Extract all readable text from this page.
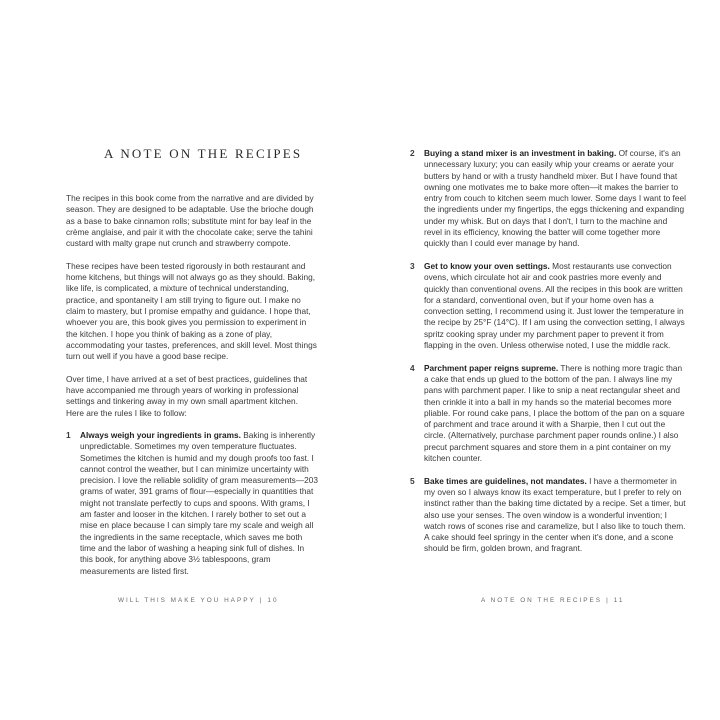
A NOTE ON THE RECIPES

The recipes in this book come from the narrative and are divided by season. They are designed to be adaptable. Use the brioche dough as a base to bake cinnamon rolls; substitute mint for bay leaf in the crème anglaise, and pair it with the chocolate cake; serve the tahini custard with malty grape nut crunch and strawberry compote.

These recipes have been tested rigorously in both restaurant and home kitchens, but things will not always go as they should. Baking, like life, is complicated, a mixture of technical understanding, practice, and spontaneity I am still trying to figure out. I make no claim to mastery, but I promise empathy and guidance. I hope that, whoever you are, this book gives you permission to experiment in the kitchen. I hope you think of baking as a zone of play, accommodating your tastes, preferences, and skill level. Most things turn out well if you have a good base recipe.

Over time, I have arrived at a set of best practices, guidelines that have accompanied me through years of working in professional settings and tinkering away in my own small apartment kitchen. Here are the rules I like to follow:

1 Always weigh your ingredients in grams. Baking is inherently unpredictable. Sometimes my oven temperature fluctuates. Sometimes the kitchen is humid and my dough proofs too fast. I cannot control the weather, but I can minimize uncertainty with precision. I love the reliable solidity of gram measurements—203 grams of water, 391 grams of flour—especially in quantities that might not translate perfectly to cups and spoons. With grams, I am faster and looser in the kitchen. I rarely bother to set out a mise en place because I can simply tare my scale and weigh all the ingredients in the same receptacle, which saves me both time and the labor of washing a heaping sink full of dishes. In this book, for anything above 3½ tablespoons, gram measurements are listed first.
WILL THIS MAKE YOU HAPPY | 10
2 Buying a stand mixer is an investment in baking. Of course, it's an unnecessary luxury; you can easily whip your creams or aerate your butters by hand or with a trusty handheld mixer. But I have found that owning one motivates me to bake more often—it makes the barrier to entry from couch to kitchen seem much lower. Some days I want to feel the ingredients under my fingertips, the eggs thickening and expanding under my whisk. But on days that I don't, I turn to the machine and revel in its efficiency, knowing the batter will come together more quickly than I could ever manage by hand.
3 Get to know your oven settings. Most restaurants use convection ovens, which circulate hot air and cook pastries more evenly and quickly than conventional ovens. All the recipes in this book are written for a standard, conventional oven, but if your home oven has a convection setting, I recommend using it. Just lower the temperature in the recipe by 25°F (14°C). If I am using the convection setting, I always spritz cooking spray under my parchment paper to prevent it from flapping in the oven. Unless otherwise noted, I use the middle rack.
4 Parchment paper reigns supreme. There is nothing more tragic than a cake that ends up glued to the bottom of the pan. I always line my pans with parchment paper. I like to snip a neat rectangular sheet and then crinkle it into a ball in my hands so the material becomes more pliable. For round cake pans, I place the bottom of the pan on a square of parchment and trace around it with a Sharpie, then I cut out the circle. (Alternatively, purchase parchment paper rounds online.) I also precut parchment squares and store them in a pint container on my kitchen counter.
5 Bake times are guidelines, not mandates. I have a thermometer in my oven so I always know its exact temperature, but I prefer to rely on instinct rather than the baking time dictated by a recipe. Set a timer, but also use your senses. The oven window is a wonderful invention; I watch rows of scones rise and caramelize, but I also like to touch them. A cake should feel springy in the center when it's done, and a scone should be firm, golden brown, and fragrant.
A NOTE ON THE RECIPES | 11
